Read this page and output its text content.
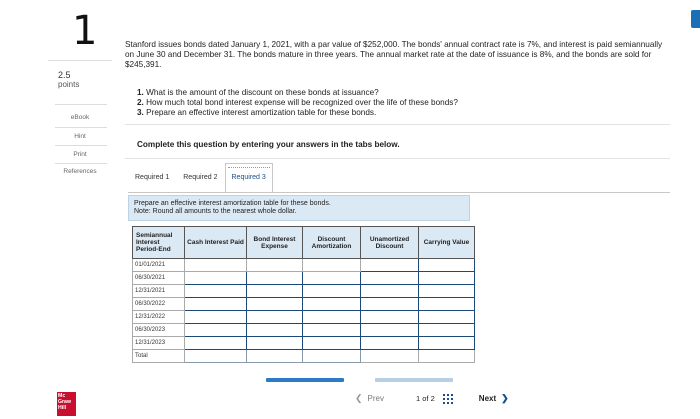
1
2.5
points
eBook
Hint
Print
References
Stanford issues bonds dated January 1, 2021, with a par value of $252,000. The bonds' annual contract rate is 7%, and interest is paid semiannually on June 30 and December 31. The bonds mature in three years. The annual market rate at the date of issuance is 8%, and the bonds are sold for $245,391.
1. What is the amount of the discount on these bonds at issuance?
2. How much total bond interest expense will be recognized over the life of these bonds?
3. Prepare an effective interest amortization table for these bonds.
Complete this question by entering your answers in the tabs below.
Required 1	Required 2	Required 3
Prepare an effective interest amortization table for these bonds.
Note: Round all amounts to the nearest whole dollar.
Semiannual Interest Period-End	Cash Interest Paid	Bond Interest Expense	Discount Amortization	Unamortized Discount	Carrying Value
01/01/2021					
06/30/2021					
12/31/2021					
06/30/2022					
12/31/2022					
06/30/2023					
12/31/2023					
Total					
❮ Prev	1 of 2	Next ❯
Mc
Graw
Hill
